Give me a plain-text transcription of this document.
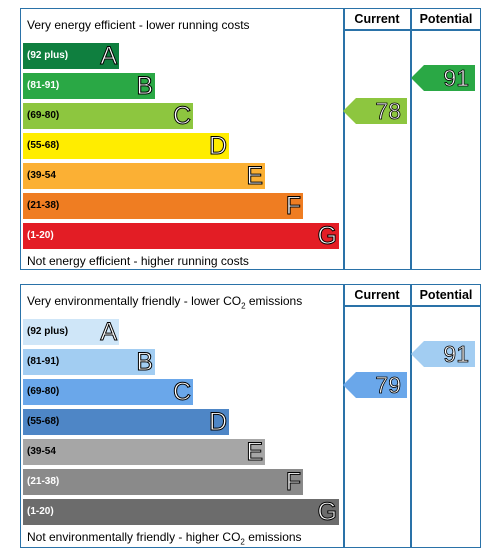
Current	Potential
Very energy efficient - lower running costs
(92 plus) A
(81-91)	B
(69-80)	C
(55-68)	D
(39-54	E
(21-38)	F
(1-20)	G
Not energy efficient - higher running costs
78
91
Current	Potential
Very environmentally friendly - lower $CO_2$ emissions
(92 plus) A
(81-91)	B
(69-80)	C
(55-68)	D
(39-54	E
(21-38)	F
(1-20)	G
Not environmentally friendly - higher $CO_2$ emissions
79
91
